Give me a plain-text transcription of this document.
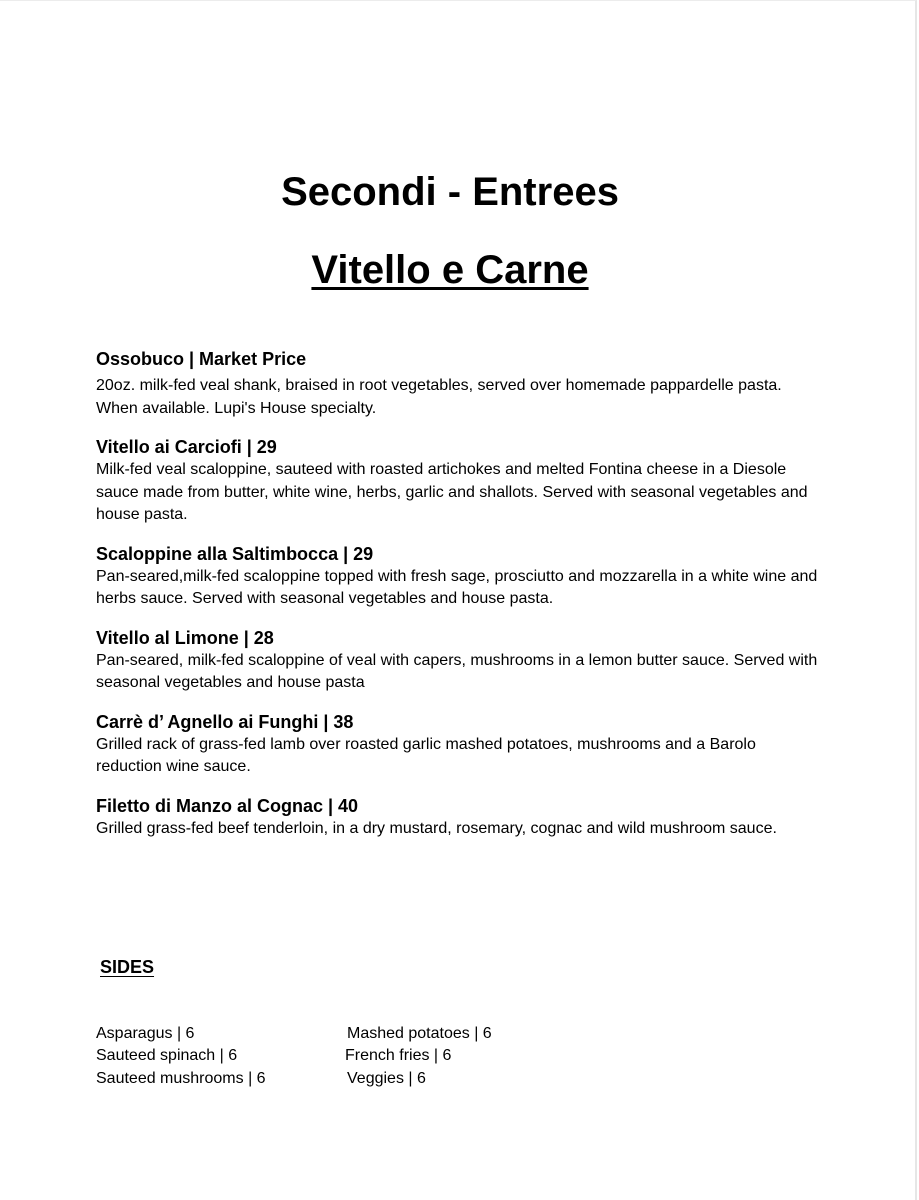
Secondi - Entrees
Vitello e Carne
Ossobuco | Market Price
20oz. milk-fed veal shank, braised in root vegetables, served over homemade pappardelle pasta.
When available. Lupi's House specialty.
Vitello ai Carciofi | 29
Milk-fed veal scaloppine, sauteed with roasted artichokes and melted Fontina cheese in a Diesole sauce made from butter, white wine, herbs, garlic and shallots. Served with seasonal vegetables and house pasta.
Scaloppine alla Saltimbocca | 29
Pan-seared,milk-fed scaloppine topped with fresh sage, prosciutto and mozzarella in a white wine and herbs sauce. Served with seasonal vegetables and house pasta.
Vitello al Limone | 28
Pan-seared, milk-fed scaloppine of veal with capers, mushrooms in a lemon butter sauce. Served with seasonal vegetables and house pasta
Carrè d’ Agnello ai Funghi | 38
Grilled rack of grass-fed lamb over roasted garlic mashed potatoes, mushrooms and a Barolo reduction wine sauce.
Filetto di Manzo al Cognac | 40
Grilled grass-fed beef tenderloin, in a dry mustard, rosemary, cognac and wild mushroom sauce.
SIDES
Asparagus | 6
Sauteed spinach | 6
Sauteed mushrooms | 6
Mashed potatoes | 6
French fries | 6
Veggies | 6
